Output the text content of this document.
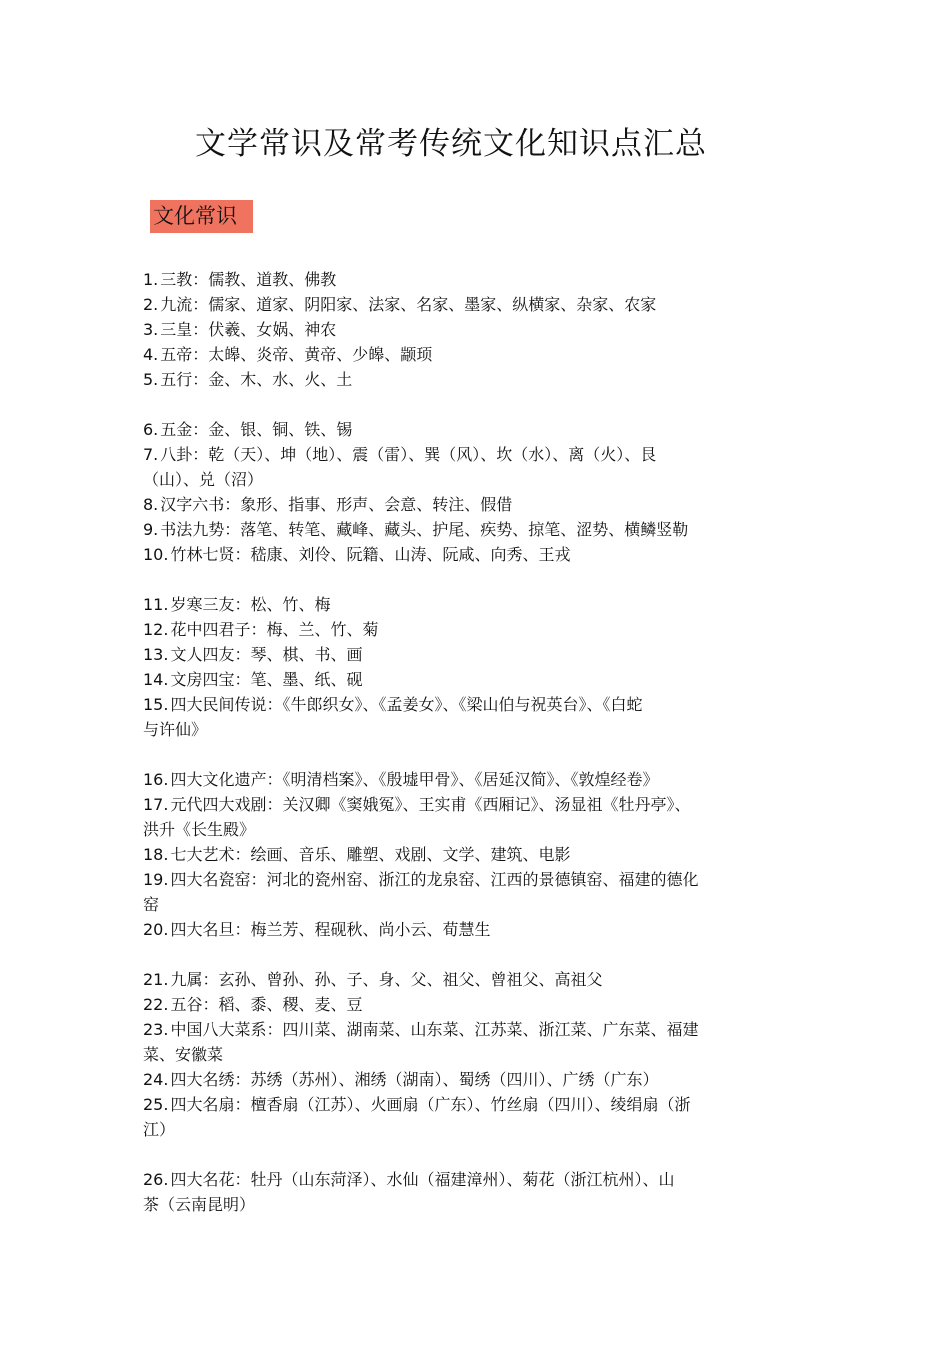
文学常识及常考传统文化知识点汇总
文化常识
1. 三教：儒教、道教、佛教
2. 九流：儒家、道家、阴阳家、法家、名家、墨家、纵横家、杂家、农家
3. 三皇：伏羲、女娲、神农
4. 五帝：太皞、炎帝、黄帝、少皞、颛顼
5. 五行：金、木、水、火、土
6. 五金：金、银、铜、铁、锡
7. 八卦：乾（天）、坤（地）、震（雷）、巽（风）、坎（水）、离（火）、艮
（山）、兑（沼）
8. 汉字六书：象形、指事、形声、会意、转注、假借
9. 书法九势：落笔、转笔、藏峰、藏头、护尾、疾势、掠笔、涩势、横鳞竖勒
10. 竹林七贤：嵇康、刘伶、阮籍、山涛、阮咸、向秀、王戎
11. 岁寒三友：松、竹、梅
12. 花中四君子：梅、兰、竹、菊
13. 文人四友：琴、棋、书、画
14. 文房四宝：笔、墨、纸、砚
15. 四大民间传说：《牛郎织女》、《孟姜女》、《梁山伯与祝英台》、《白蛇
与许仙》
16. 四大文化遗产：《明清档案》、《殷墟甲骨》、《居延汉简》、《敦煌经卷》
17. 元代四大戏剧：关汉卿《窦娥冤》、王实甫《西厢记》、汤显祖《牡丹亭》、
洪升《长生殿》
18. 七大艺术：绘画、音乐、雕塑、戏剧、文学、建筑、电影
19. 四大名瓷窑：河北的瓷州窑、浙江的龙泉窑、江西的景德镇窑、福建的德化
窑
20. 四大名旦：梅兰芳、程砚秋、尚小云、荀慧生
21. 九属：玄孙、曾孙、孙、子、身、父、祖父、曾祖父、高祖父
22. 五谷：稻、黍、稷、麦、豆
23. 中国八大菜系：四川菜、湖南菜、山东菜、江苏菜、浙江菜、广东菜、福建
菜、安徽菜
24. 四大名绣：苏绣（苏州）、湘绣（湖南）、蜀绣（四川）、广绣（广东）
25. 四大名扇：檀香扇（江苏）、火画扇（广东）、竹丝扇（四川）、绫绢扇（浙
江）
26. 四大名花：牡丹（山东菏泽）、水仙（福建漳州）、菊花（浙江杭州）、山
茶（云南昆明）
